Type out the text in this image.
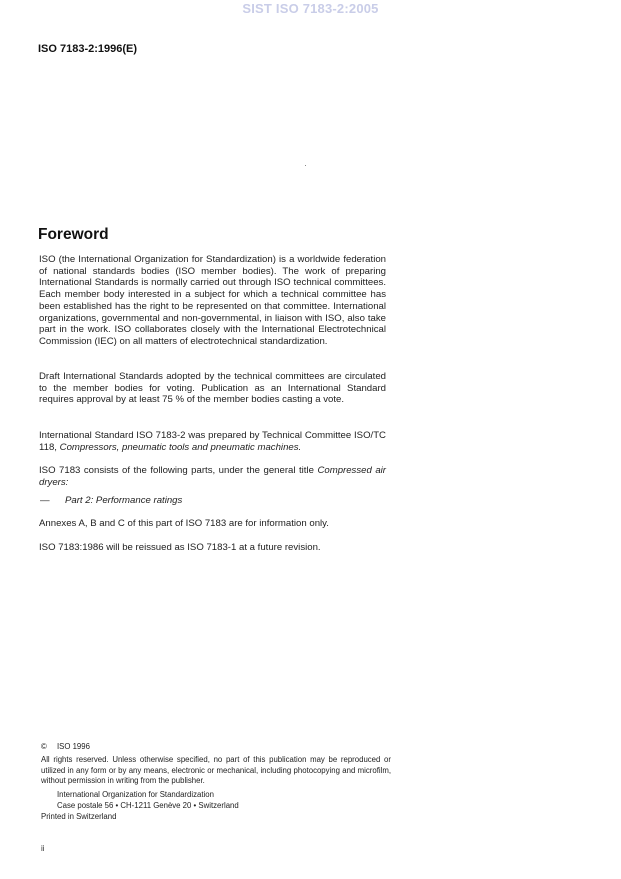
SIST ISO 7183-2:2005
ISO 7183-2:1996(E)
Foreword

ISO (the International Organization for Standardization) is a worldwide federation of national standards bodies (ISO member bodies). The work of preparing International Standards is normally carried out through ISO technical committees. Each member body interested in a subject for which a technical committee has been established has the right to be represented on that committee. International organizations, governmental and non-governmental, in liaison with ISO, also take part in the work. ISO collaborates closely with the International Electrotechnical Commission (IEC) on all matters of electrotechnical standardization.

Draft International Standards adopted by the technical committees are circulated to the member bodies for voting. Publication as an International Standard requires approval by at least 75 % of the member bodies casting a vote.

International Standard ISO 7183-2 was prepared by Technical Committee ISO/TC 118, Compressors, pneumatic tools and pneumatic machines.

ISO 7183 consists of the following parts, under the general title Compressed air dryers:

— Part 2: Performance ratings

Annexes A, B and C of this part of ISO 7183 are for information only.

ISO 7183:1986 will be reissued as ISO 7183-1 at a future revision.

© ISO 1996
All rights reserved. Unless otherwise specified, no part of this publication may be reproduced or utilized in any form or by any means, electronic or mechanical, including photocopying and microfilm, without permission in writing from the publisher.
International Organization for Standardization
Case postale 56 • CH-1211 Genève 20 • Switzerland
Printed in Switzerland
ii
